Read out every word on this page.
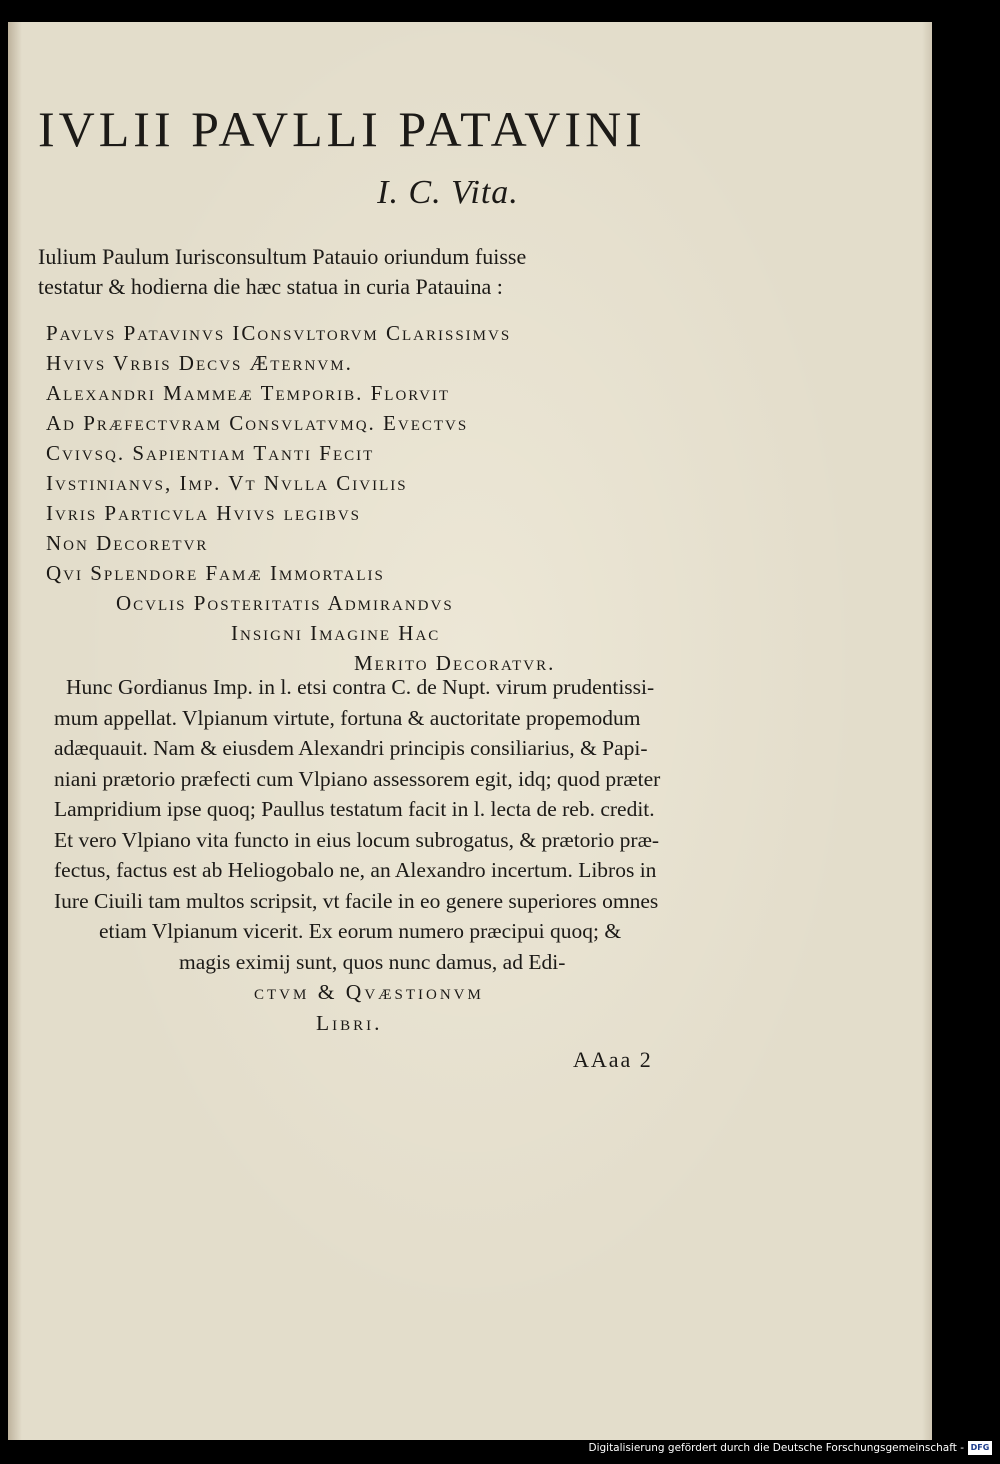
IVLII PAVLLI PATAVINI
I. C. Vita.
Iulium Paulum Iurisconsultum Patauio oriundum fuisse
testatur & hodierna die hæc statua in curia Patauina :
Pavlvs Patavinvs IConsvltorvm Clarissimvs
Hvivs Vrbis Decvs Æternvm.
Alexandri Mammeæ Temporib. Florvit
Ad Præfectvram Consvlatvmq. Evectvs
Cvivsq. Sapientiam Tanti Fecit
Ivstinianvs, Imp. Vt Nvlla Civilis
Ivris Particvla Hvivs legibvs
Non Decoretvr
Qvi Splendore Famæ Immortalis
Ocvlis Posteritatis Admirandvs
Insigni Imagine Hac
Merito Decoratvr.
Hunc Gordianus Imp. in l. etsi contra C. de Nupt. virum prudentissi-
mum appellat. Vlpianum virtute, fortuna & auctoritate propemodum
adæquauit. Nam & eiusdem Alexandri principis consiliarius, & Papi-
niani prætorio præfecti cum Vlpiano assessorem egit, idq; quod præter
Lampridium ipse quoq; Paullus testatum facit in l. lecta de reb. credit.
Et vero Vlpiano vita functo in eius locum subrogatus, & prætorio præ-
fectus, factus est ab Heliogobalo ne, an Alexandro incertum. Libros in
Iure Ciuili tam multos scripsit, vt facile in eo genere superiores omnes
etiam Vlpianum vicerit. Ex eorum numero præcipui quoq; &
magis eximij sunt, quos nunc damus, ad Edi-
ctvm & Qvæstionvm
Libri.
AAaa 2
Digitalisierung gefördert durch die Deutsche Forschungsgemeinschaft - DFG
